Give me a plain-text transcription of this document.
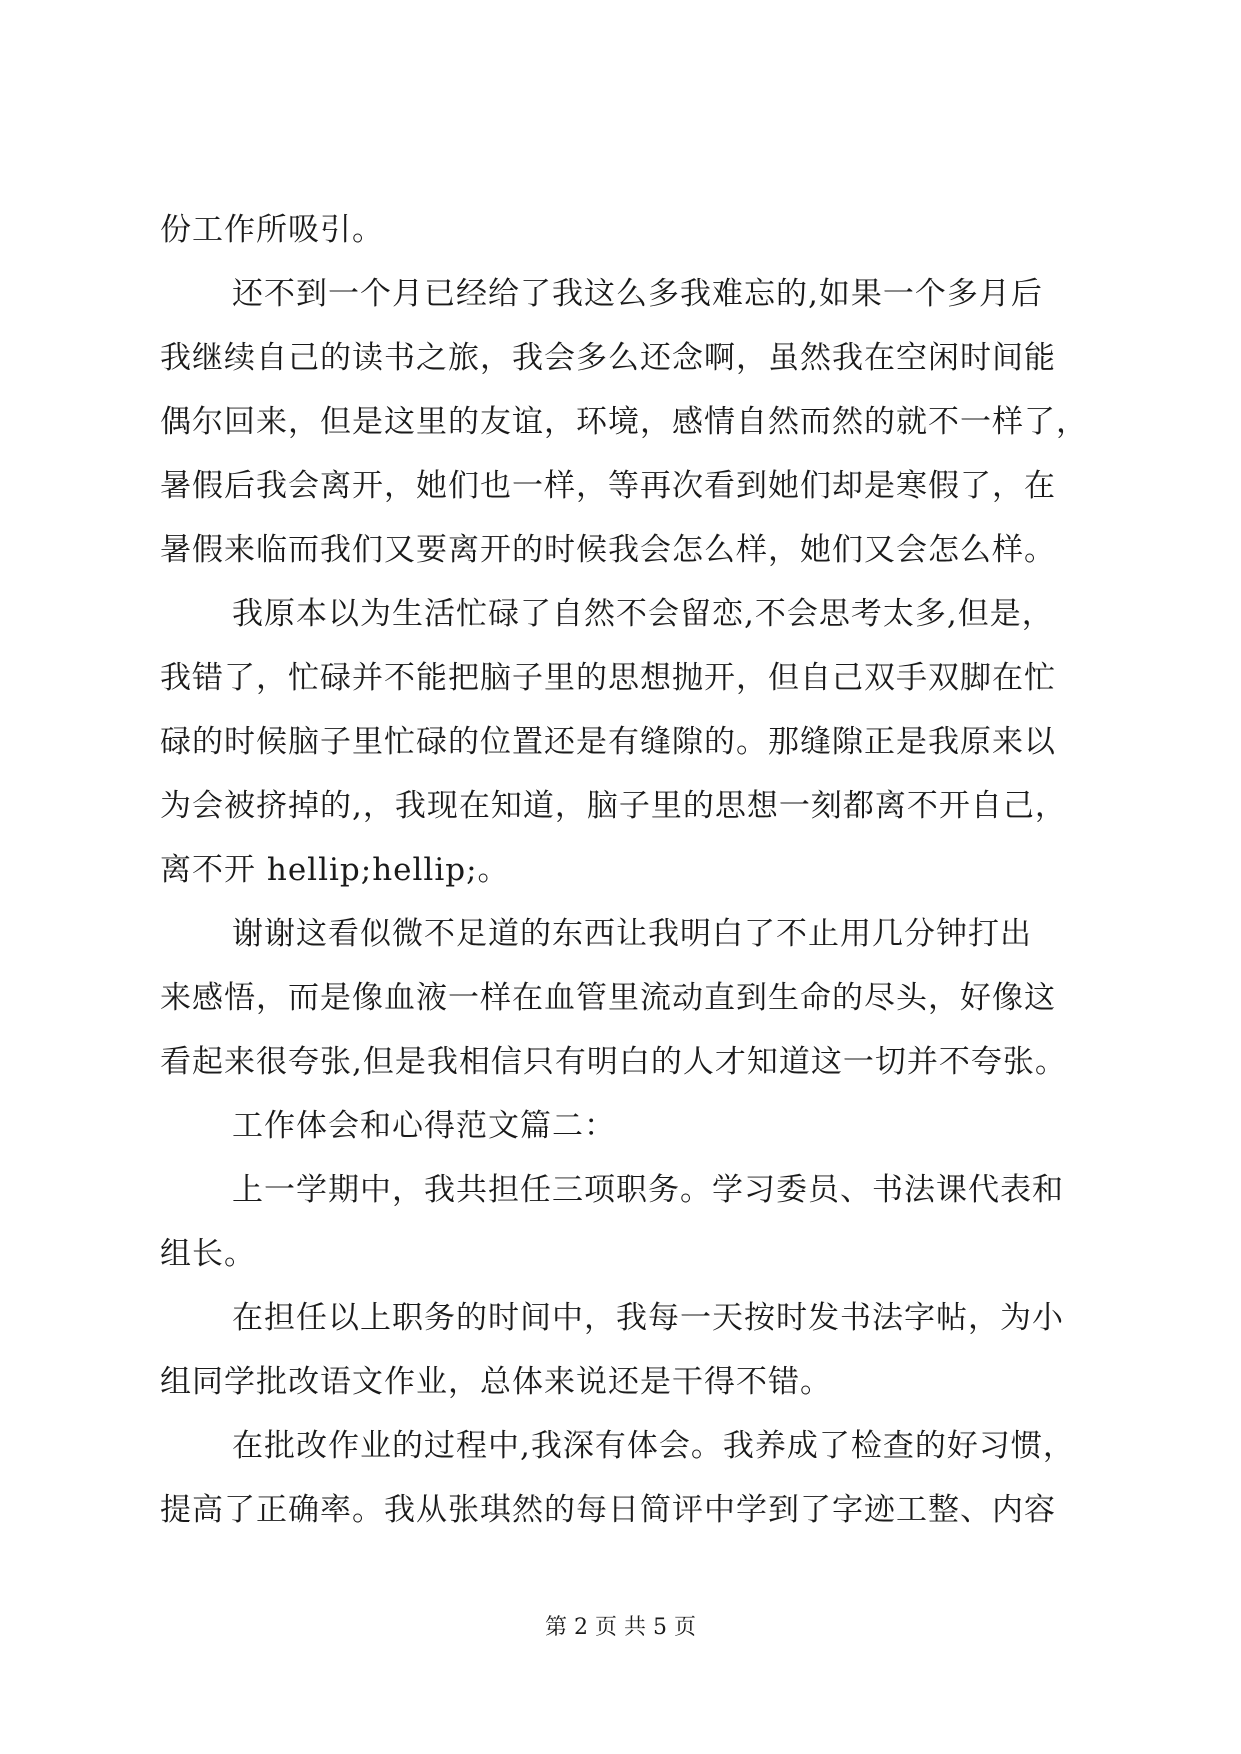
份工作所吸引。
还不到一个月已经给了我这么多我难忘的,如果一个多月后
我继续自己的读书之旅，我会多么还念啊，虽然我在空闲时间能
偶尔回来，但是这里的友谊，环境，感情自然而然的就不一样了，
暑假后我会离开，她们也一样，等再次看到她们却是寒假了，在
暑假来临而我们又要离开的时候我会怎么样，她们又会怎么样。
我原本以为生活忙碌了自然不会留恋,不会思考太多,但是，
我错了，忙碌并不能把脑子里的思想抛开，但自己双手双脚在忙
碌的时候脑子里忙碌的位置还是有缝隙的。那缝隙正是我原来以
为会被挤掉的,，我现在知道，脑子里的思想一刻都离不开自己，
离不开 hellip;hellip;。
谢谢这看似微不足道的东西让我明白了不止用几分钟打出
来感悟，而是像血液一样在血管里流动直到生命的尽头，好像这
看起来很夸张,但是我相信只有明白的人才知道这一切并不夸张。
工作体会和心得范文篇二：
上一学期中，我共担任三项职务。学习委员、书法课代表和
组长。
在担任以上职务的时间中，我每一天按时发书法字帖，为小
组同学批改语文作业，总体来说还是干得不错。
在批改作业的过程中,我深有体会。我养成了检查的好习惯，
提高了正确率。我从张琪然的每日简评中学到了字迹工整、内容
第 2 页 共 5 页
